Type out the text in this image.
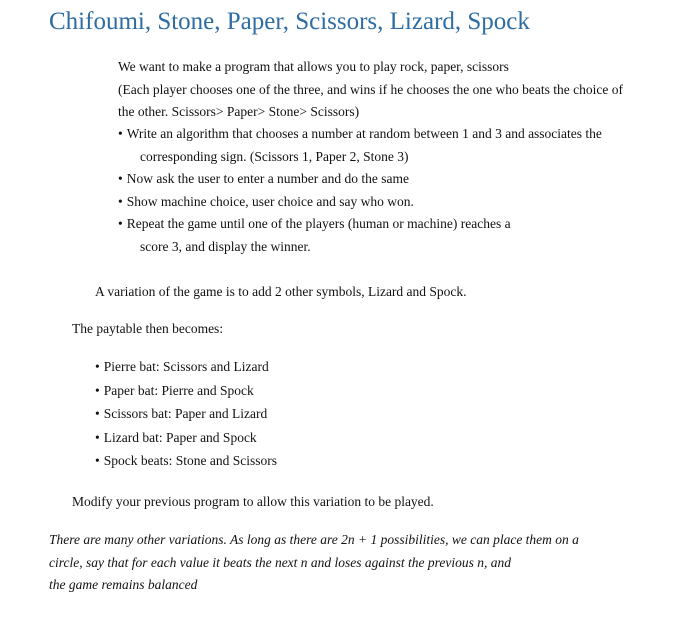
Chifoumi, Stone, Paper, Scissors, Lizard, Spock
We want to make a program that allows you to play rock, paper, scissors
(Each player chooses one of the three, and wins if he chooses the one who beats the choice of
the other. Scissors> Paper> Stone> Scissors)
• Write an algorithm that chooses a number at random between 1 and 3 and associates the
corresponding sign. (Scissors 1, Paper 2, Stone 3)
• Now ask the user to enter a number and do the same
• Show machine choice, user choice and say who won.
• Repeat the game until one of the players (human or machine) reaches a
score 3, and display the winner.
A variation of the game is to add 2 other symbols, Lizard and Spock.
The paytable then becomes:
• Pierre bat: Scissors and Lizard
• Paper bat: Pierre and Spock
• Scissors bat: Paper and Lizard
• Lizard bat: Paper and Spock
• Spock beats: Stone and Scissors
Modify your previous program to allow this variation to be played.
There are many other variations. As long as there are 2n + 1 possibilities, we can place them on a
circle, say that for each value it beats the next n and loses against the previous n, and
the game remains balanced
